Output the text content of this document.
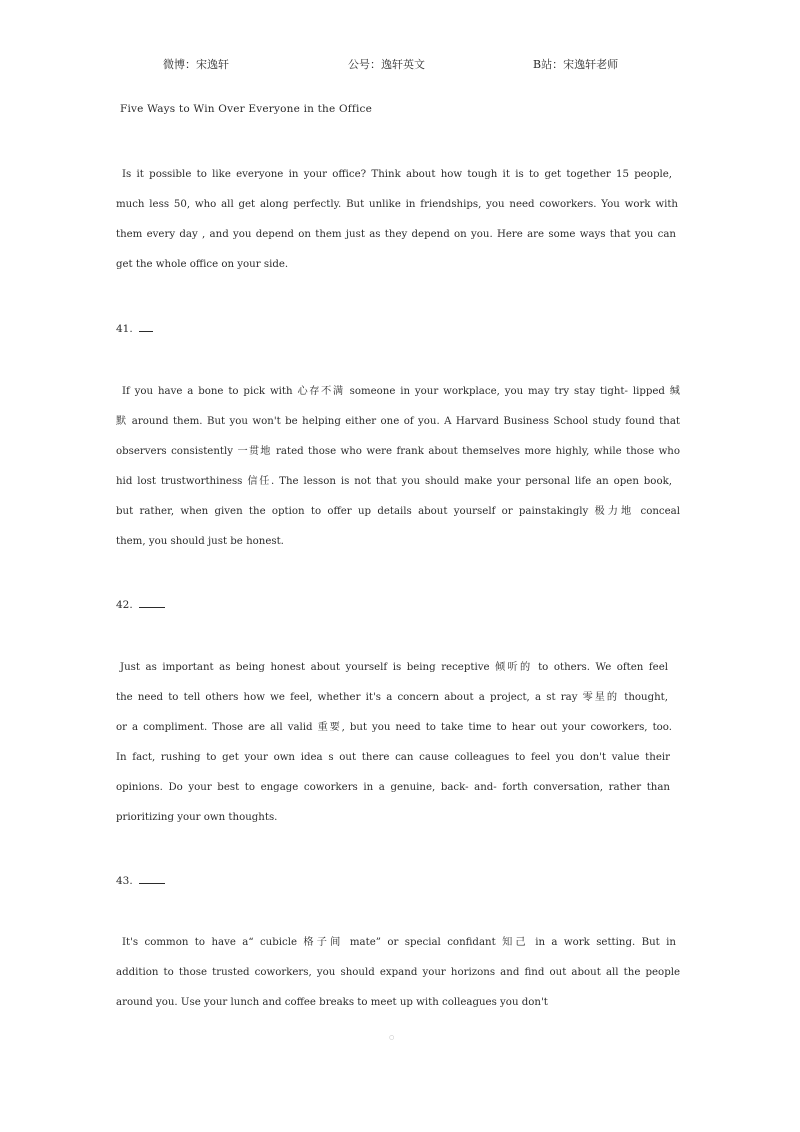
微博：宋逸轩	公号：逸轩英文	B站：宋逸轩老师
Five Ways to Win Over Everyone in the Office
Is it possible to like everyone in your office? Think about how tough it is to get together 15 people,
much less 50, who all get along perfectly. But unlike in friendships, you need coworkers. You work with
them every day , and you depend on them just as they depend on you. Here are some ways that you can
get the whole office on your side.
41.
If you have a bone to pick with 心存不满 someone in your workplace, you may try stay tight- lipped 缄
默 around them. But you won't be helping either one of you. A Harvard Business School study found that
observers consistently 一贯地 rated those who were frank about themselves more highly, while those who
hid lost trustworthiness 信任. The lesson is not that you should make your personal life an open book,
but rather, when given the option to offer up details about yourself or painstakingly 极力地 conceal
them, you should just be honest.
42.
Just as important as being honest about yourself is being receptive 倾听的 to others. We often feel
the need to tell others how we feel, whether it's a concern about a project, a st ray 零星的 thought,
or a compliment. Those are all valid 重要, but you need to take time to hear out your coworkers, too.
In fact, rushing to get your own idea s out there can cause colleagues to feel you don't value their
opinions. Do your best to engage coworkers in a genuine, back- and- forth conversation, rather than
prioritizing your own thoughts.
43.
It's common to have a“ cubicle 格子间 mate” or special confidant 知己 in a work setting. But in
addition to those trusted coworkers, you should expand your horizons and find out about all the people
around you. Use your lunch and coffee breaks to meet up with colleagues you don't
○
